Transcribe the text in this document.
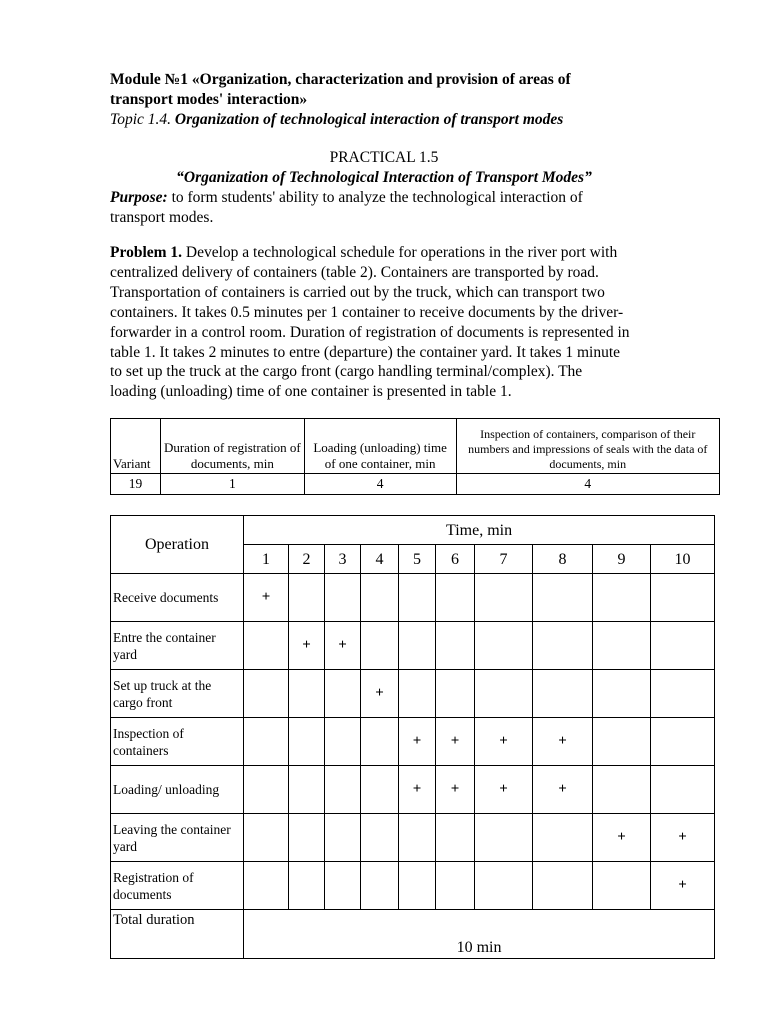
Module №1 «Organization, characterization and provision of areas of
transport modes' interaction»
Topic 1.4. Organization of technological interaction of transport modes
PRACTICAL 1.5
“Organization of Technological Interaction of Transport Modes”
Purpose: to form students' ability to analyze the technological interaction of
transport modes.
Problem 1. Develop a technological schedule for operations in the river port with
centralized delivery of containers (table 2). Containers are transported by road.
Transportation of containers is carried out by the truck, which can transport two
containers. It takes 0.5 minutes per 1 container to receive documents by the driver-
forwarder in a control room. Duration of registration of documents is represented in
table 1. It takes 2 minutes to entre (departure) the container yard. It takes 1 minute
to set up the truck at the cargo front (cargo handling terminal/complex). The
loading (unloading) time of one container is presented in table 1.
Variant	Duration of registration of documents, min	Loading (unloading) time of one container, min	Inspection of containers, comparison of their numbers and impressions of seals with the data of documents, min
19	1	4	4
Operation	Time, min									
	1	2	3	4	5	6	7	8	9	10
Receive documents	+									
Entre the container yard		+	+							
Set up truck at the cargo front				+						
Inspection of containers					+	+	+	+		
Loading/ unloading					+	+	+	+		
Leaving the container yard									+	+
Registration of documents										+
Total duration	10 min									
